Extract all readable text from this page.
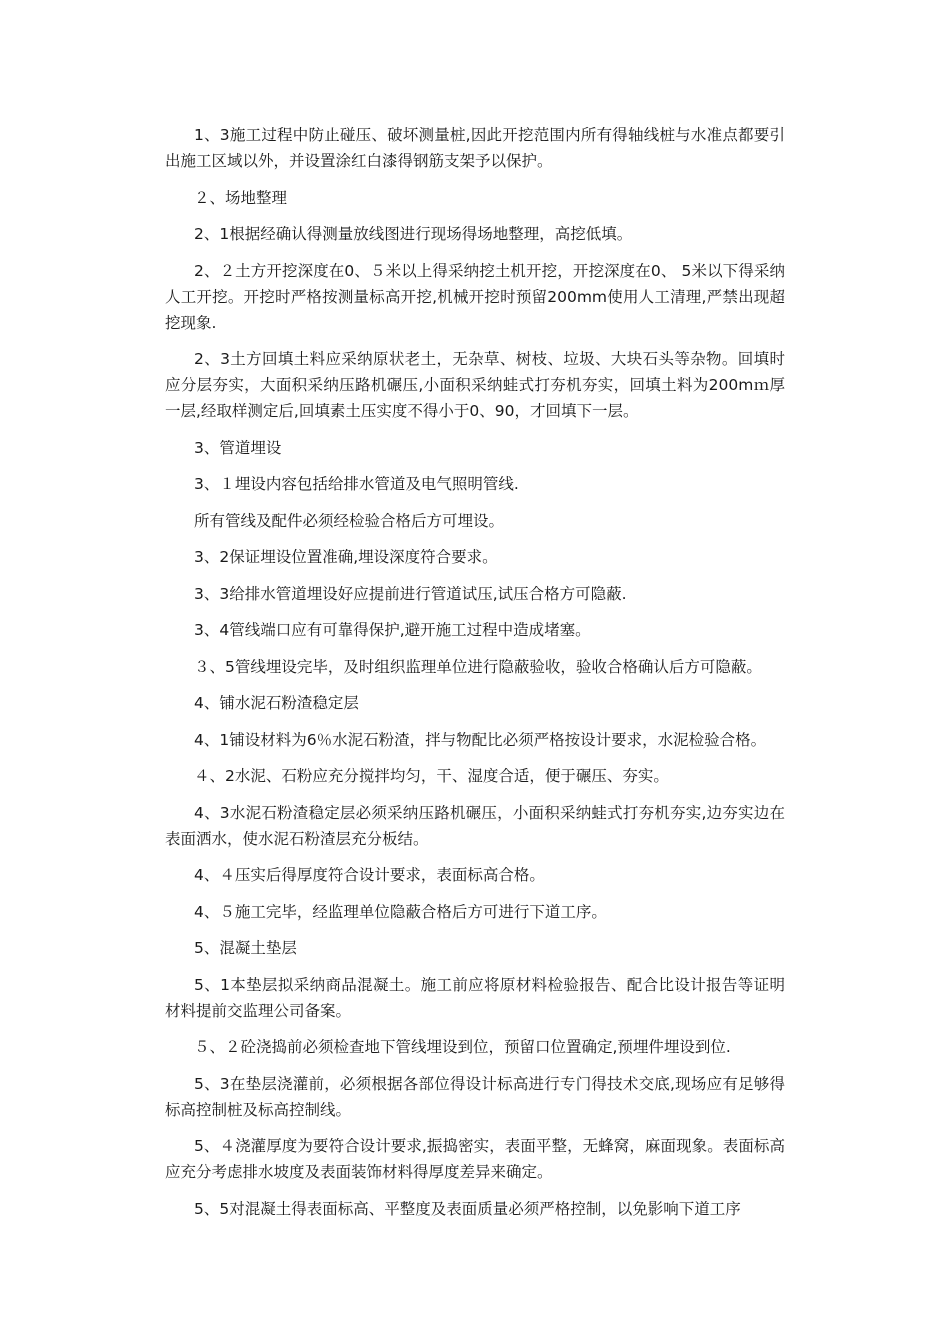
1、3施工过程中防止碰压、破坏测量桩,因此开挖范围内所有得轴线桩与水准点都要引出施工区域以外，并设置涂红白漆得钢筋支架予以保护。

２、场地整理

2、1根据经确认得测量放线图进行现场得场地整理，高挖低填。

2、２土方开挖深度在0、５米以上得采纳挖土机开挖，开挖深度在0、 5米以下得采纳人工开挖。开挖时严格按测量标高开挖,机械开挖时预留200mm使用人工清理,严禁出现超挖现象.

2、3土方回填土料应采纳原状老土，无杂草、树枝、垃圾、大块石头等杂物。回填时应分层夯实，大面积采纳压路机碾压,小面积采纳蛙式打夯机夯实，回填土料为200mｍ厚一层,经取样测定后,回填素土压实度不得小于0、90，才回填下一层。

3、管道埋设

3、１埋设内容包括给排水管道及电气照明管线.

所有管线及配件必须经检验合格后方可埋设。

3、2保证埋设位置准确,埋设深度符合要求。

3、3给排水管道埋设好应提前进行管道试压,试压合格方可隐蔽.

3、4管线端口应有可靠得保护,避开施工过程中造成堵塞。

３、5管线埋设完毕，及时组织监理单位进行隐蔽验收，验收合格确认后方可隐蔽。

4、铺水泥石粉渣稳定层

4、1铺设材料为6％水泥石粉渣，拌与物配比必须严格按设计要求，水泥检验合格。

４、2水泥、石粉应充分搅拌均匀，干、湿度合适，便于碾压、夯实。

4、3水泥石粉渣稳定层必须采纳压路机碾压，小面积采纳蛙式打夯机夯实,边夯实边在表面洒水，使水泥石粉渣层充分板结。

4、４压实后得厚度符合设计要求，表面标高合格。

4、５施工完毕，经监理单位隐蔽合格后方可进行下道工序。

5、混凝土垫层

5、1本垫层拟采纳商品混凝土。施工前应将原材料检验报告、配合比设计报告等证明材料提前交监理公司备案。

５、２砼浇捣前必须检查地下管线埋设到位，预留口位置确定,预埋件埋设到位.

5、3在垫层浇灌前，必须根据各部位得设计标高进行专门得技术交底,现场应有足够得标高控制桩及标高控制线。

5、４浇灌厚度为要符合设计要求,振捣密实，表面平整，无蜂窝，麻面现象。表面标高应充分考虑排水坡度及表面装饰材料得厚度差异来确定。

5、5对混凝土得表面标高、平整度及表面质量必须严格控制，以免影响下道工序
